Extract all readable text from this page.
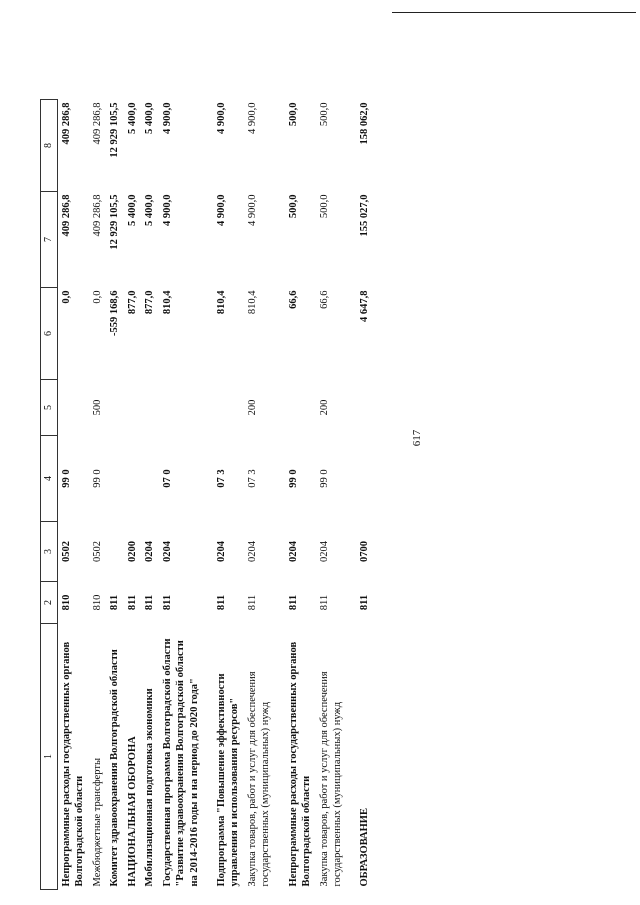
617
1	2	3	4	5	6	7	8
Непрограммные расходы государственных органов Волгоградской области	810	0502	99 0		0,0	409 286,8	409 286,8
Межбюджетные трансферты	810	0502	99 0	500	0,0	409 286,8	409 286,8
Комитет здравоохранения Волгоградской области	811				-559 168,6	12 929 105,5	12 929 105,5
НАЦИОНАЛЬНАЯ ОБОРОНА	811	0200			877,0	5 400,0	5 400,0
Мобилизационная подготовка экономики	811	0204			877,0	5 400,0	5 400,0
Государственная программа Волгоградской области "Развитие здравоохранения Волгоградской области на 2014-2016 годы и на период до 2020 года"	811	0204	07 0		810,4	4 900,0	4 900,0

Подпрограмма "Повышение эффективности управления и использования ресурсов"	811	0204	07 3		810,4	4 900,0	4 900,0
Закупка товаров, работ и услуг для обеспечения государственных (муниципальных) нужд	811	0204	07 3	200	810,4	4 900,0	4 900,0

Непрограммные расходы государственных органов Волгоградской области	811	0204	99 0		66,6	500,0	500,0
Закупка товаров, работ и услуг для обеспечения государственных (муниципальных) нужд	811	0204	99 0	200	66,6	500,0	500,0

ОБРАЗОВАНИЕ	811	0700			4 647,8	155 027,0	158 062,0
